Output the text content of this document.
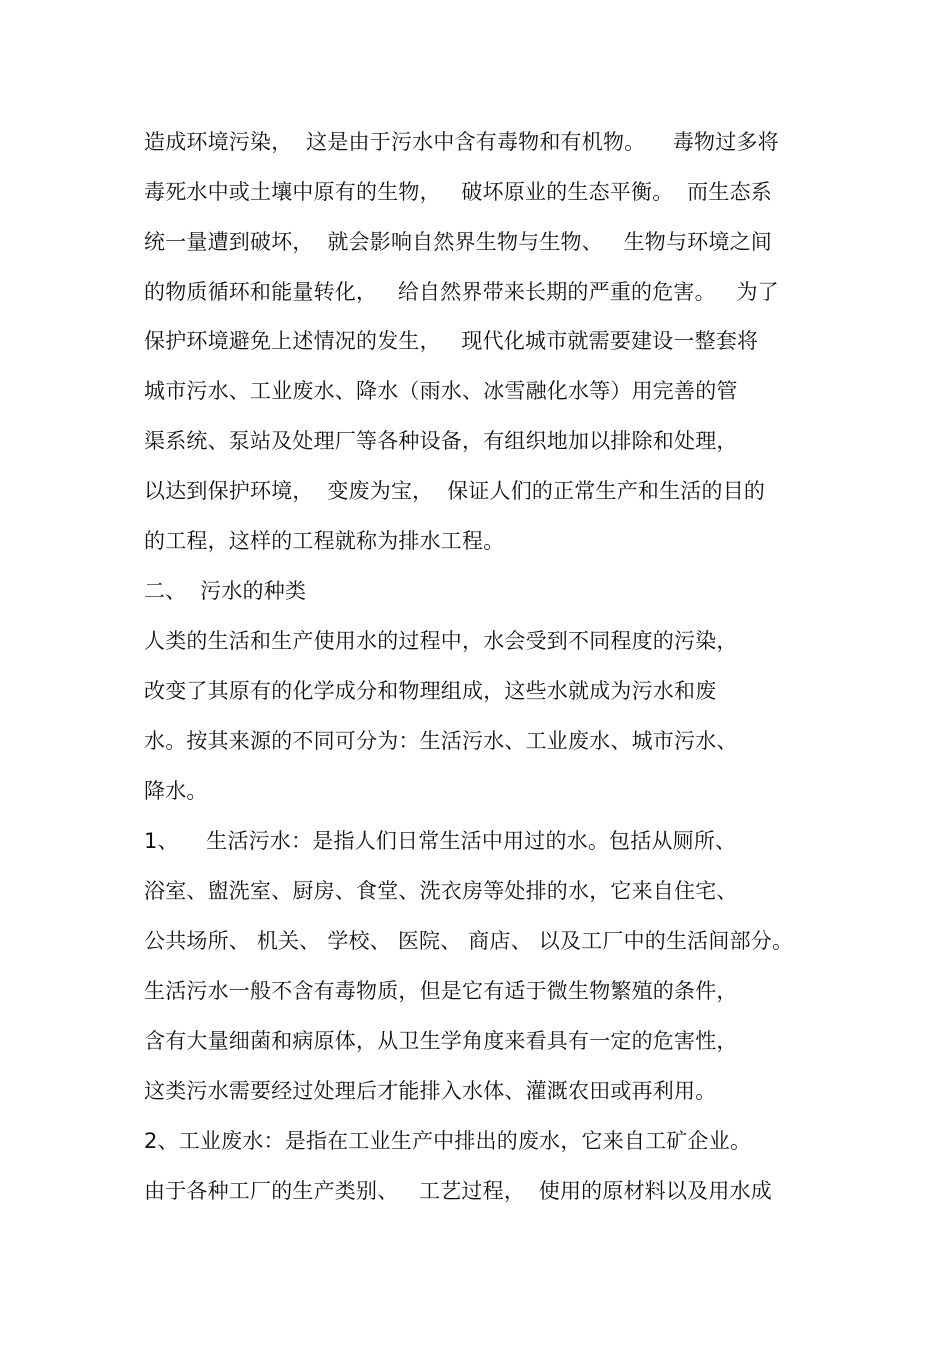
造成环境污染，  这是由于污水中含有毒物和有机物。    毒物过多将
毒死水中或土壤中原有的生物，   破坏原业的生态平衡。  而生态系
统一量遭到破坏，  就会影响自然界生物与生物、   生物与环境之间
的物质循环和能量转化，   给自然界带来长期的严重的危害。   为了
保护环境避免上述情况的发生，   现代化城市就需要建设一整套将
城市污水、工业废水、降水（雨水、冰雪融化水等）用完善的管
渠系统、泵站及处理厂等各种设备，有组织地加以排除和处理，
以达到保护环境，  变废为宝，  保证人们的正常生产和生活的目的
的工程，这样的工程就称为排水工程。
二、  污水的种类
人类的生活和生产使用水的过程中，水会受到不同程度的污染，
改变了其原有的化学成分和物理组成，这些水就成为污水和废
水。按其来源的不同可分为：生活污水、工业废水、城市污水、
降水。
1、    生活污水：是指人们日常生活中用过的水。包括从厕所、
浴室、盥洗室、厨房、食堂、洗衣房等处排的水，它来自住宅、
公共场所、 机关、 学校、 医院、 商店、 以及工厂中的生活间部分。
生活污水一般不含有毒物质，但是它有适于微生物繁殖的条件，
含有大量细菌和病原体，从卫生学角度来看具有一定的危害性，
这类污水需要经过处理后才能排入水体、灌溉农田或再利用。
2、工业废水：是指在工业生产中排出的废水，它来自工矿企业。
由于各种工厂的生产类别、   工艺过程，  使用的原材料以及用水成
